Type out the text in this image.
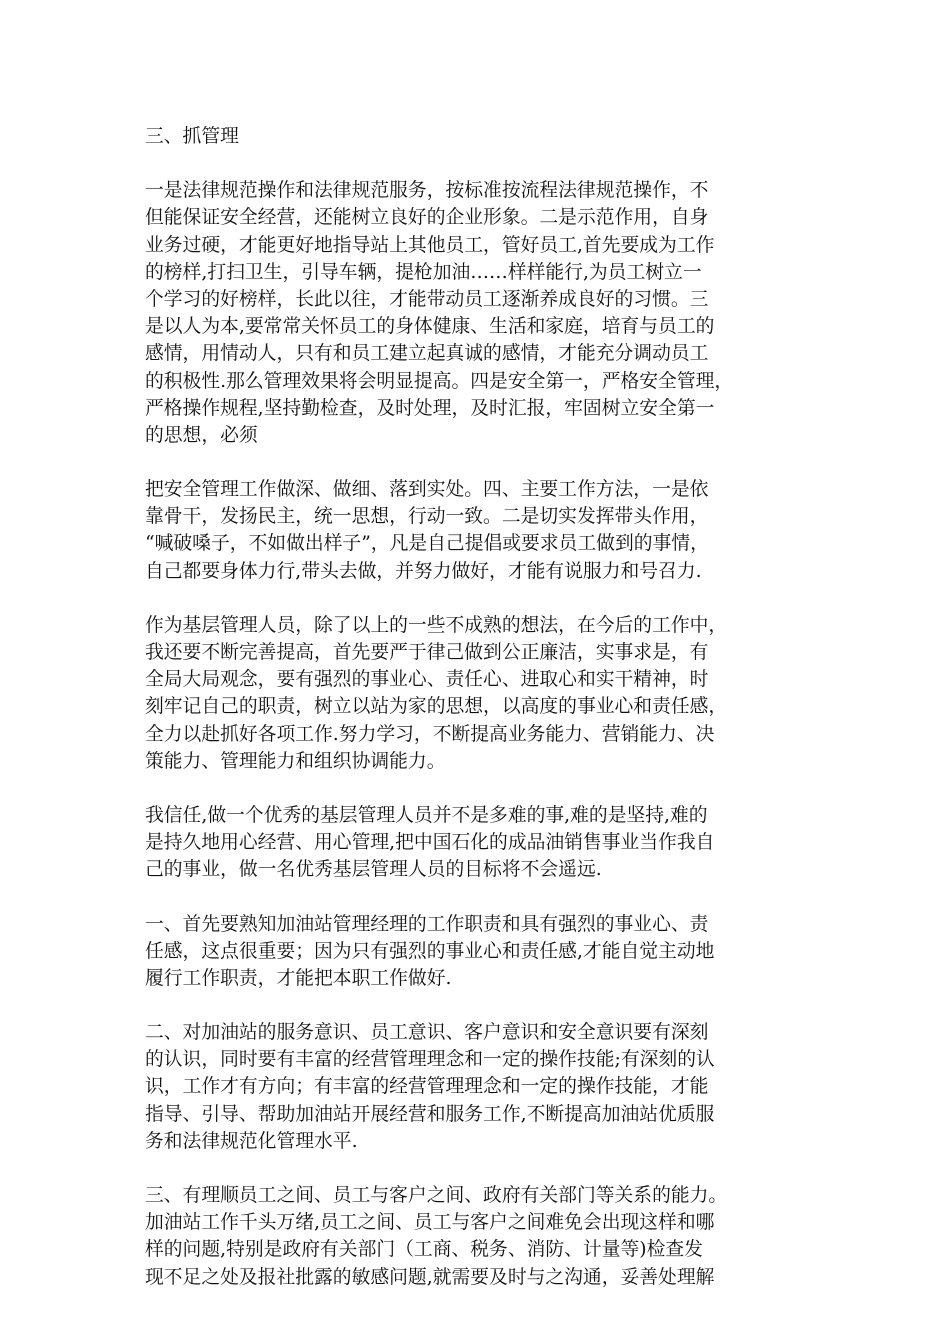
三、抓管理
一是法律规范操作和法律规范服务，按标准按流程法律规范操作，不
但能保证安全经营，还能树立良好的企业形象。二是示范作用，自身
业务过硬，才能更好地指导站上其他员工，管好员工,首先要成为工作
的榜样,打扫卫生，引导车辆，提枪加油……样样能行,为员工树立一
个学习的好榜样，长此以往，才能带动员工逐渐养成良好的习惯。三
是以人为本,要常常关怀员工的身体健康、生活和家庭，培育与员工的
感情，用情动人，只有和员工建立起真诚的感情，才能充分调动员工
的积极性.那么管理效果将会明显提高。四是安全第一，严格安全管理，
严格操作规程,坚持勤检查，及时处理，及时汇报，牢固树立安全第一
的思想，必须
把安全管理工作做深、做细、落到实处。四、主要工作方法，一是依
靠骨干，发扬民主，统一思想，行动一致。二是切实发挥带头作用，
“喊破嗓子，不如做出样子”，凡是自己提倡或要求员工做到的事情，
自己都要身体力行,带头去做，并努力做好，才能有说服力和号召力.
作为基层管理人员，除了以上的一些不成熟的想法，在今后的工作中，
我还要不断完善提高，首先要严于律己做到公正廉洁，实事求是，有
全局大局观念，要有强烈的事业心、责任心、进取心和实干精神，时
刻牢记自己的职责，树立以站为家的思想，以高度的事业心和责任感，
全力以赴抓好各项工作.努力学习，不断提高业务能力、营销能力、决
策能力、管理能力和组织协调能力。
我信任,做一个优秀的基层管理人员并不是多难的事,难的是坚持,难的
是持久地用心经营、用心管理,把中国石化的成品油销售事业当作我自
己的事业，做一名优秀基层管理人员的目标将不会遥远.
一、首先要熟知加油站管理经理的工作职责和具有强烈的事业心、责
任感，这点很重要；因为只有强烈的事业心和责任感,才能自觉主动地
履行工作职责，才能把本职工作做好.
二、对加油站的服务意识、员工意识、客户意识和安全意识要有深刻
的认识，同时要有丰富的经营管理理念和一定的操作技能;有深刻的认
识，工作才有方向；有丰富的经营管理理念和一定的操作技能，才能
指导、引导、帮助加油站开展经营和服务工作,不断提高加油站优质服
务和法律规范化管理水平.
三、有理顺员工之间、员工与客户之间、政府有关部门等关系的能力。
加油站工作千头万绪,员工之间、员工与客户之间难免会出现这样和哪
样的问题,特别是政府有关部门（工商、税务、消防、计量等)检查发
现不足之处及报社批露的敏感问题,就需要及时与之沟通，妥善处理解
